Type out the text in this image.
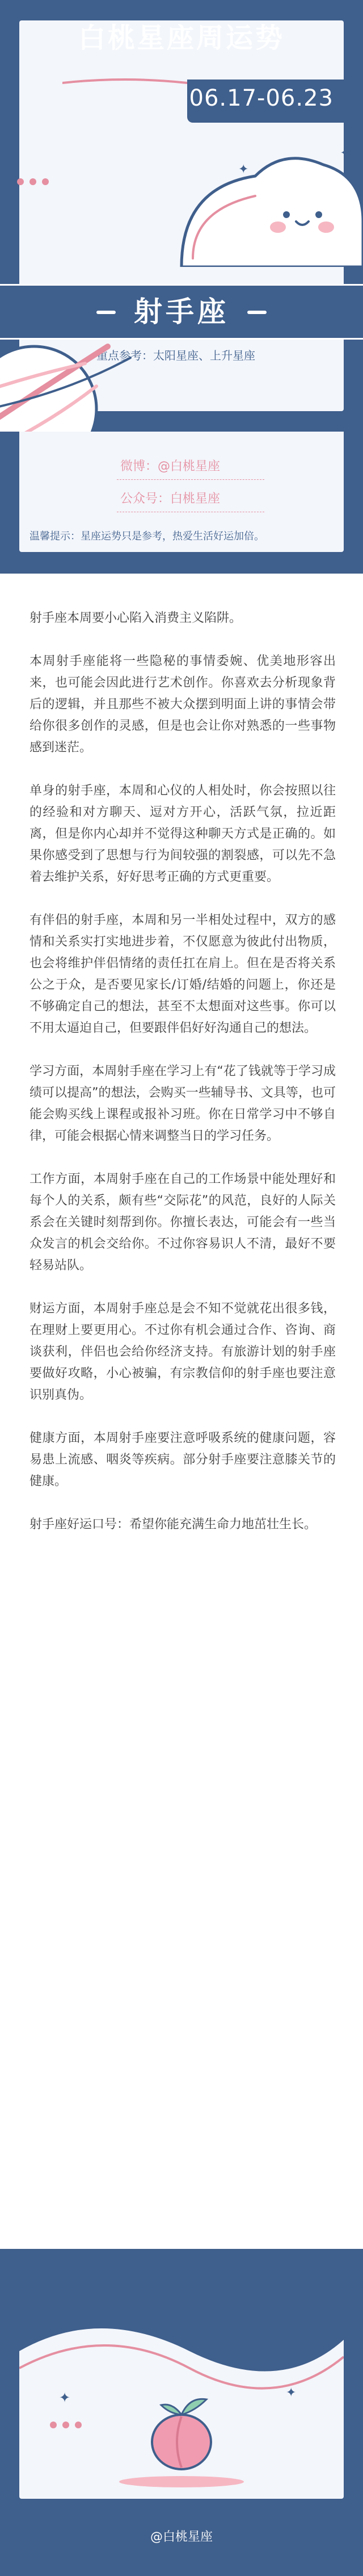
白桃星座周运势
06.17-06.23
✦
✦
射手座
重点参考：太阳星座、上升星座
微博：@白桃星座
公众号：白桃星座
温馨提示：星座运势只是参考，热爱生活好运加倍。

射手座本周要小心陷入消费主义陷阱。

本周射手座能将一些隐秘的事情委婉、优美地形容出来，也可能会因此进行艺术创作。你喜欢去分析现象背后的逻辑，并且那些不被大众摆到明面上讲的事情会带给你很多创作的灵感，但是也会让你对熟悉的一些事物感到迷茫。

单身的射手座，本周和心仪的人相处时，你会按照以往的经验和对方聊天、逗对方开心，活跃气氛，拉近距离，但是你内心却并不觉得这种聊天方式是正确的。如果你感受到了思想与行为间较强的割裂感，可以先不急着去维护关系，好好思考正确的方式更重要。

有伴侣的射手座，本周和另一半相处过程中，双方的感情和关系实打实地进步着，不仅愿意为彼此付出物质，也会将维护伴侣情绪的责任扛在肩上。但在是否将关系公之于众，是否要见家长/订婚/结婚的问题上，你还是不够确定自己的想法，甚至不太想面对这些事。你可以不用太逼迫自己，但要跟伴侣好好沟通自己的想法。

学习方面，本周射手座在学习上有“花了钱就等于学习成绩可以提高”的想法，会购买一些辅导书、文具等，也可能会购买线上课程或报补习班。你在日常学习中不够自律，可能会根据心情来调整当日的学习任务。

工作方面，本周射手座在自己的工作场景中能处理好和每个人的关系，颇有些“交际花”的风范，良好的人际关系会在关键时刻帮到你。你擅长表达，可能会有一些当众发言的机会交给你。不过你容易识人不清，最好不要轻易站队。

财运方面，本周射手座总是会不知不觉就花出很多钱，在理财上要更用心。不过你有机会通过合作、咨询、商谈获利，伴侣也会给你经济支持。有旅游计划的射手座要做好攻略，小心被骗，有宗教信仰的射手座也要注意识别真伪。

健康方面，本周射手座要注意呼吸系统的健康问题，容易患上流感、咽炎等疾病。部分射手座要注意膝关节的健康。

射手座好运口号：希望你能充满生命力地茁壮生长。

✦	✦
@白桃星座
